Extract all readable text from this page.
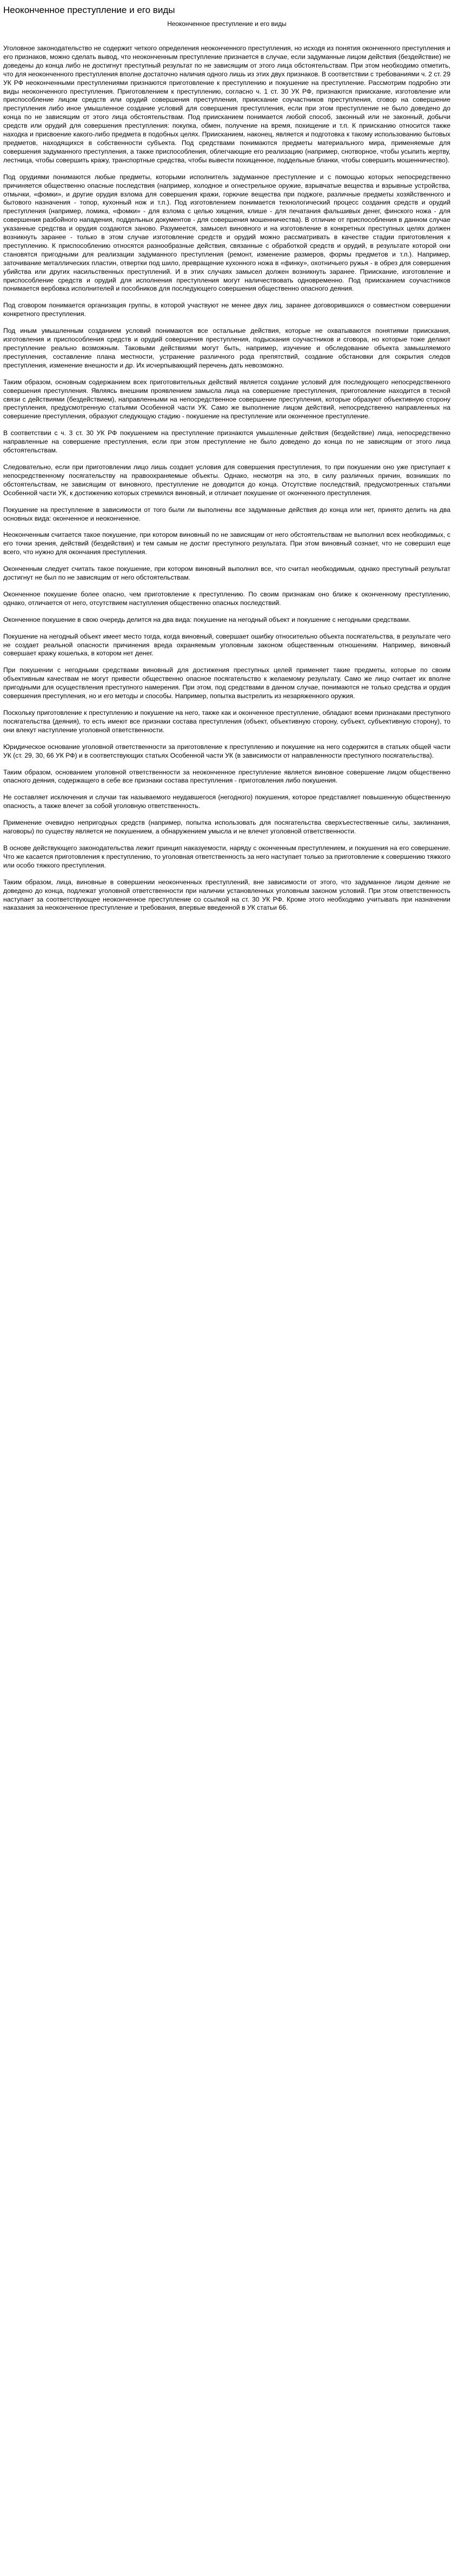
Неоконченное преступление и его виды
Неоконченное преступление и его виды

Уголовное законодательство не содержит четкого определения неоконченного преступления, но исходя из понятия оконченного преступления и его признаков, можно сделать вывод, что неоконченным преступление признается в случае, если задуманные лицом действия (бездействие) не доведены до конца либо не достигнут преступный результат по не зависящим от этого лица обстоятельствам. При этом необходимо отметить, что для неоконченного преступления вполне достаточно наличия одного лишь из этих двух признаков. В соответствии с требованиями ч. 2 ст. 29 УК РФ неоконченными преступлениями признаются приготовление к преступлению и покушение на преступление. Рассмотрим подробно эти виды неоконченного преступления. Приготовлением к преступлению, согласно ч. 1 ст. 30 УК РФ, признаются приискание, изготовление или приспособление лицом средств или орудий совершения преступления, приискание соучастников преступления, сговор на совершение преступления либо иное умышленное создание условий для совершения преступления, если при этом преступление не было доведено до конца по не зависящим от этого лица обстоятельствам. Под приисканием понимается любой способ, законный или не законный, добычи средств или орудий для совершения преступления: покупка, обмен, получение на время, похищение и т.п. К приисканию относится также находка и присвоение какого-либо предмета в подобных целях. Приисканием, наконец, является и подготовка к такому использованию бытовых предметов, находящихся в собственности субъекта. Под средствами понимаются предметы материального мира, применяемые для совершения задуманного преступления, а также приспособления, облегчающие его реализацию (например, снотворное, чтобы усыпить жертву, лестница, чтобы совершить кражу, транспортные средства, чтобы вывести похищенное, поддельные бланки, чтобы совершить мошенничество).

Под орудиями понимаются любые предметы, которыми исполнитель задуманное преступление и с помощью которых непосредственно причиняется общественно опасные последствия (например, холодное и огнестрельное оружие, взрывчатые вещества и взрывные устройства, отмычки, «фомки», и другие орудия взлома для совершения кражи, горючие вещества при поджоге, различные предметы хозяйственного и бытового назначения - топор, кухонный нож и т.п.). Под изготовлением понимается технологический процесс создания средств и орудий преступления (например, ломика, «фомки» - для взлома с целью хищения, клише - для печатания фальшивых денег, финского ножа - для совершения разбойного нападения, поддельных документов - для совершения мошенничества). В отличие от приспособления в данном случае указанные средства и орудия создаются заново. Разумеется, замысел виновного и на изготовление в конкретных преступных целях должен возникнуть заранее - только в этом случае изготовление средств и орудий можно рассматривать в качестве стадии приготовления к преступлению. К приспособлению относятся разнообразные действия, связанные с обработкой средств и орудий, в результате которой они становятся пригодными для реализации задуманного преступления (ремонт, изменение размеров, формы предметов и т.п.). Например, заточивание металлических пластин, отвертки под шило, превращение кухонного ножа в «финку», охотничьего ружья - в обрез для совершения убийства или других насильственных преступлений. И в этих случаях замысел должен возникнуть заранее. Приискание, изготовление и приспособление средств и орудий для исполнения преступления могут наличествовать одновременно. Под приисканием соучастников понимается вербовка исполнителей и пособников для последующего совершения общественно опасного деяния.

Под сговором понимается организация группы, в которой участвуют не менее двух лиц, заранее договорившихся о совместном совершении конкретного преступления.

Под иным умышленным созданием условий понимаются все остальные действия, которые не охватываются понятиями приискания, изготовления и приспособления средств и орудий совершения преступления, подыскания соучастников и сговора, но которые тоже делают преступление реально возможным. Таковыми действиями могут быть, например, изучение и обследование объекта замышляемого преступления, составление плана местности, устранение различного рода препятствий, создание обстановки для сокрытия следов преступления, изменение внешности и др. Их исчерпывающий перечень дать невозможно.

Таким образом, основным содержанием всех приготовительных действий является создание условий для последующего непосредственного совершения преступления. Являясь внешним проявлением замысла лица на совершение преступления, приготовление находится в тесной связи с действиями (бездействием), направленными на непосредственное совершение преступления, которые образуют объективную сторону преступления, предусмотренную статьями Особенной части УК. Само же выполнение лицом действий, непосредственно направленных на совершение преступления, образуют следующую стадию - покушение на преступление или оконченное преступление.

В соответствии с ч. 3 ст. 30 УК РФ покушением на преступление признаются умышленные действия (бездействие) лица, непосредственно направленные на совершение преступления, если при этом преступление не было доведено до конца по не зависящим от этого лица обстоятельствам.

Следовательно, если при приготовлении лицо лишь создает условия для совершения преступления, то при покушении оно уже приступает к непосредственному посягательству на правоохраняемые объекты. Однако, несмотря на это, в силу различных причин, возникших по обстоятельствам, не зависящим от виновного, преступление не доводится до конца. Отсутствие последствий, предусмотренных статьями Особенной части УК, к достижению которых стремился виновный, и отличает покушение от оконченного преступления.

Покушение на преступление в зависимости от того были ли выполнены все задуманные действия до конца или нет, принято делить на два основных вида: оконченное и неоконченное.

Неоконченным считается такое покушение, при котором виновный по не зависящим от него обстоятельствам не выполнил всех необходимых, с его точки зрения, действий (бездействия) и тем самым не достиг преступного результата. При этом виновный сознает, что не совершил еще всего, что нужно для окончания преступления.

Оконченным следует считать такое покушение, при котором виновный выполнил все, что считал необходимым, однако преступный результат достигнут не был по не зависящим от него обстоятельствам.

Оконченное покушение более опасно, чем приготовление к преступлению. По своим признакам оно ближе к оконченному преступлению, однако, отличается от него, отсутствием наступления общественно опасных последствий.

Оконченное покушение в свою очередь делится на два вида: покушение на негодный объект и покушение с негодными средствами.

Покушение на негодный объект имеет место тогда, когда виновный, совершает ошибку относительно объекта посягательства, в результате чего не создает реальной опасности причинения вреда охраняемым уголовным законом общественным отношениям. Например, виновный совершает кражу кошелька, в котором нет денег.

При покушении с негодными средствами виновный для достижения преступных целей применяет такие предметы, которые по своим объективным качествам не могут привести общественно опасное посягательство к желаемому результату. Само же лицо считает их вполне пригодными для осуществления преступного намерения. При этом, под средствами в данном случае, понимаются не только средства и орудия совершения преступления, но и его методы и способы. Например, попытка выстрелить из незаряженного оружия.

Поскольку приготовление к преступлению и покушение на него, также как и оконченное преступление, обладают всеми признаками преступного посягательства (деяния), то есть имеют все признаки состава преступления (объект, объективную сторону, субъект, субъективную сторону), то они влекут наступление уголовной ответственности.

Юридическое основание уголовной ответственности за приготовление к преступлению и покушение на него содержится в статьях общей части УК (ст. 29, 30, 66 УК РФ) и в соответствующих статьях Особенной части УК (в зависимости от направленности преступного посягательства).

Таким образом, основанием уголовной ответственности за неоконченное преступление является виновное совершение лицом общественно опасного деяния, содержащего в себе все признаки состава преступления - приготовления либо покушения.

Не составляет исключения и случаи так называемого неудавшегося (негодного) покушения, которое представляет повышенную общественную опасность, а также влечет за собой уголовную ответственность.

Применение очевидно непригодных средств (например, попытка использовать для посягательства сверхъестественные силы, заклинания, наговоры) по существу является не покушением, а обнаружением умысла и не влечет уголовной ответственности.

В основе действующего законодательства лежит принцип наказуемости, наряду с оконченным преступлением, и покушения на его совершение. Что же касается приготовления к преступлению, то уголовная ответственность за него наступает только за приготовление к совершению тяжкого или особо тяжкого преступления.

Таким образом, лица, виновные в совершении неоконченных преступлений, вне зависимости от этого, что задуманное лицом деяние не доведено до конца, подлежат уголовной ответственности при наличии установленных уголовным законом условий. При этом ответственность наступает за соответствующее неоконченное преступление со ссылкой на ст. 30 УК РФ. Кроме этого необходимо учитывать при назначении наказания за неоконченное преступление и требования, впервые введенной в УК статьи 66.
